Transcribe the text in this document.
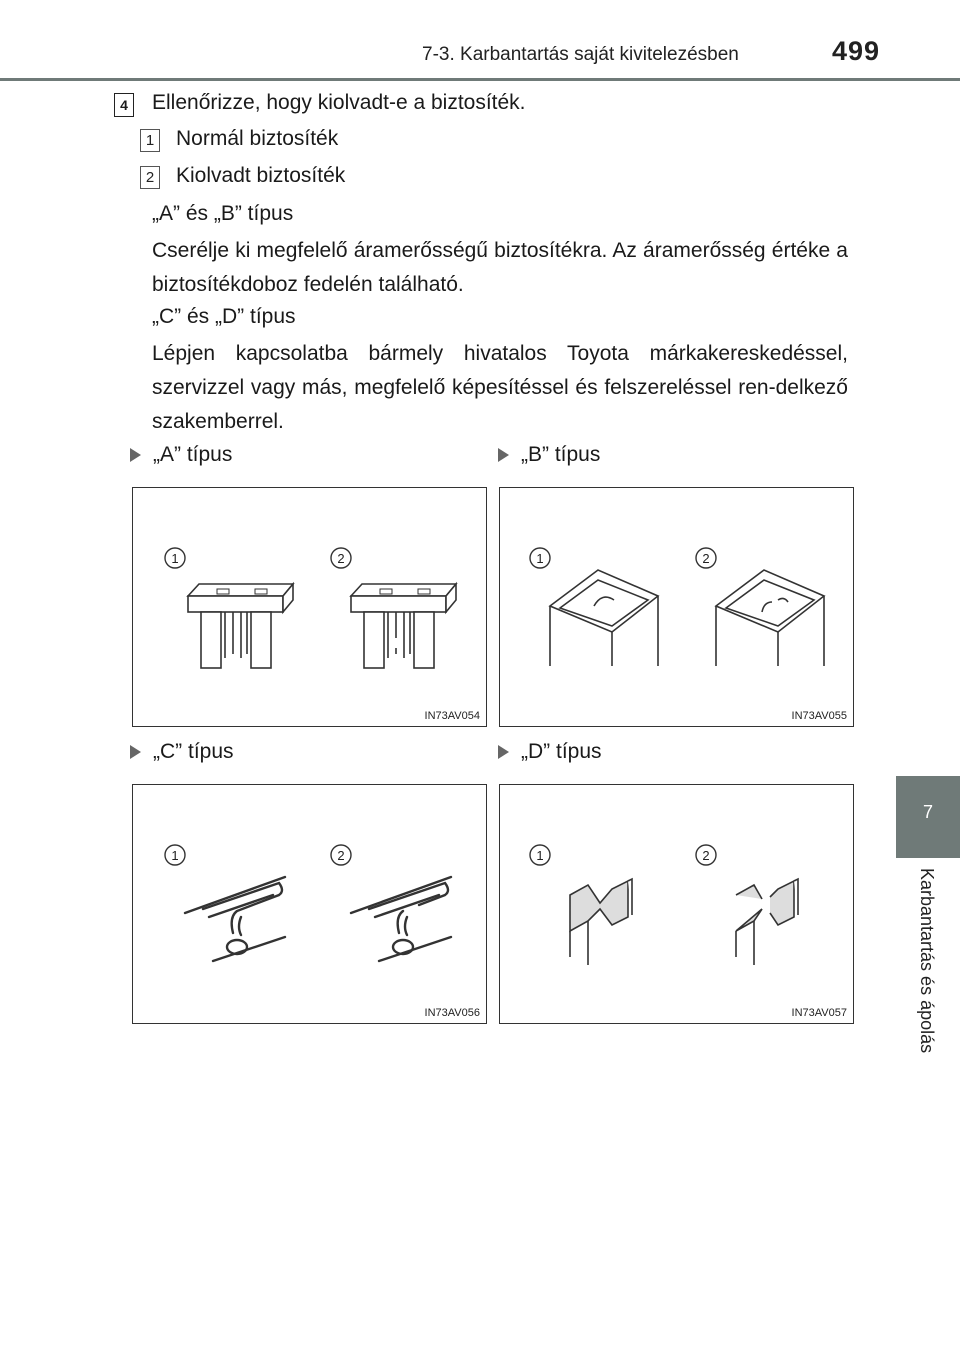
7-3. Karbantartás saját kivitelezésben	499
7
Karbantartás és ápolás
4 Ellenőrizze, hogy kiolvadt-e a biztosíték.
1 Normál biztosíték
2 Kiolvadt biztosíték
„A” és „B” típus
Cserélje ki megfelelő áramerősségű biztosítékra. Az áramerősség értéke a biztosítékdoboz fedelén található.
„C” és „D” típus
Lépjen kapcsolatba bármely hivatalos Toyota márkakereskedéssel, szervizzel vagy más, megfelelő képesítéssel és felszereléssel ren-delkező szakemberrel.
„A” típus
1	2
IN73AV054
„B” típus
1	2
IN73AV055
„C” típus
1	2
IN73AV056
„D” típus
1	2
IN73AV057
